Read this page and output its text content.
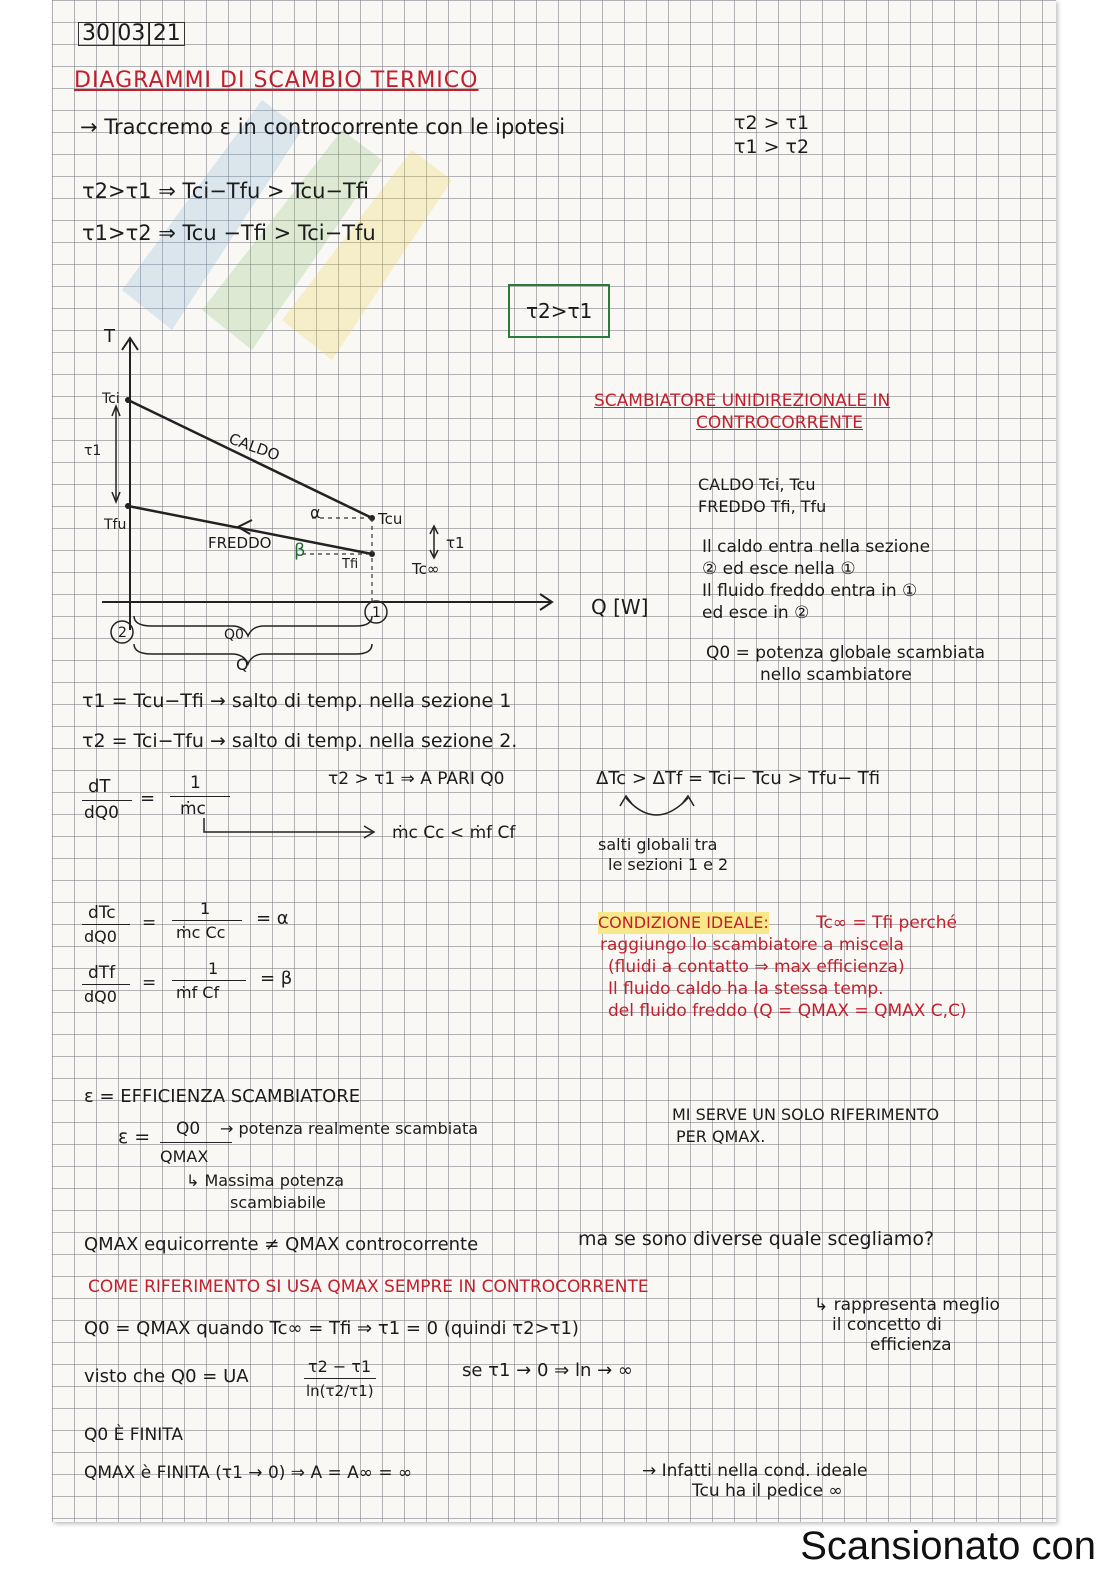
30|03|21
DIAGRAMMI DI SCAMBIO TERMICO
→ Traccremo ε in controcorrente con le ipotesi	τ2 > τ1
τ1 > τ2
τ2>τ1 ⇒ Tci−Tfu > Tcu−Tfi
τ1>τ2 ⇒ Tcu −Tfi > Tci−Tfu
τ2>τ1
T
Tci
τ1
Tfu
CALDO
FREDDO
α
β
Tcu
Tfi
τ1
Tc∞
Q [W]
1
2	Q0
Q
SCAMBIATORE UNIDIREZIONALE IN
CONTROCORRENTE
CALDO Tci, Tcu
FREDDO Tfi, Tfu
Il caldo entra nella sezione
② ed esce nella ①
Il fluido freddo entra in ①
ed esce in ②
Q0 = potenza globale scambiata
nello scambiatore
τ1 = Tcu−Tfi → salto di temp. nella sezione 1
τ2 = Tci−Tfu → salto di temp. nella sezione 2.
dT
dQ0
=
1
ṁc
ṁc Cc < ṁf Cf
τ2 > τ1 ⇒ A PARI Q0	ΔTc > ΔTf = Tci− Tcu > Tfu− Tfi
salti globali tra
le sezioni 1 e 2
dTc
dQ0
=
1
ṁc Cc
= α
dTf
dQ0
=
1
ṁf Cf
= β
CONDIZIONE IDEALE:	Tc∞ = Tfi perché
raggiungo lo scambiatore a miscela
(fluidi a contatto ⇒ max efficienza)
Il fluido caldo ha la stessa temp.
del fluido freddo (Q = QMAX = QMAX C,C)
ε = EFFICIENZA SCAMBIATORE
ε = Q0 → potenza realmente scambiata
QMAX
↳ Massima potenza
scambiabile
MI SERVE UN SOLO RIFERIMENTO
PER QMAX.
QMAX equicorrente ≠ QMAX controcorrente	ma se sono diverse quale scegliamo?
COME RIFERIMENTO SI USA QMAX SEMPRE IN CONTROCORRENTE
↳ rappresenta meglio
il concetto di
efficienza
Q0 = QMAX quando Tc∞ = Tfi ⇒ τ1 = 0 (quindi τ2>τ1)
visto che Q0 = UA	τ2 − τ1
ln(τ2/τ1)
se τ1 → 0 ⇒ ln → ∞
Q0 È FINITA
QMAX è FINITA (τ1 → 0) ⇒ A = A∞ = ∞	→ Infatti nella cond. ideale
Tcu ha il pedice ∞
Scansionato con
